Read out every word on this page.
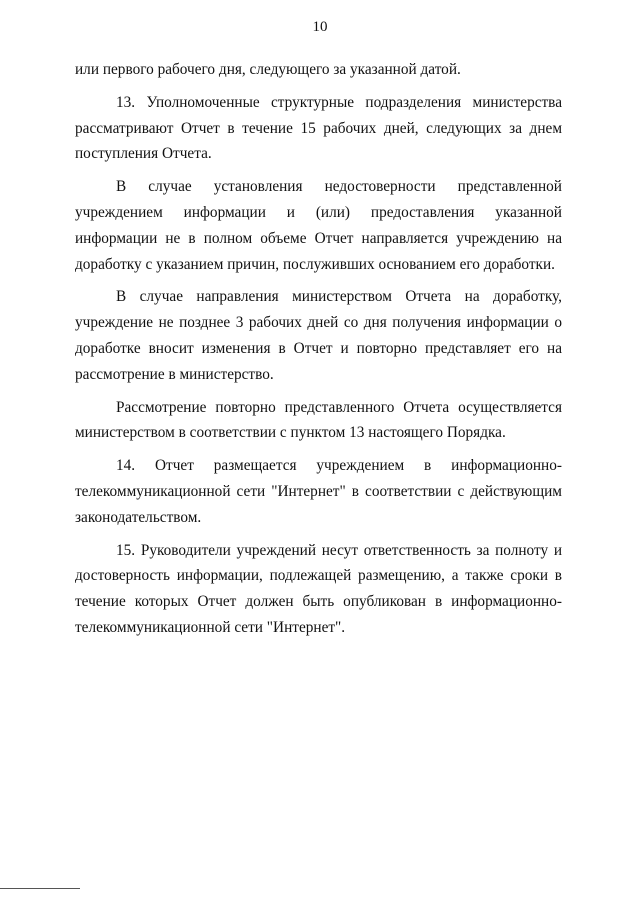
10

или первого рабочего дня, следующего за указанной датой.

13. Уполномоченные структурные подразделения министерства рассматривают Отчет в течение 15 рабочих дней, следующих за днем поступления Отчета.

В случае установления недостоверности представленной учреждением информации и (или) предоставления указанной информации не в полном объеме Отчет направляется учреждению на доработку с указанием причин, послуживших основанием его доработки.

В случае направления министерством Отчета на доработку, учреждение не позднее 3 рабочих дней со дня получения информации о доработке вносит изменения в Отчет и повторно представляет его на рассмотрение в министерство.

Рассмотрение повторно представленного Отчета осуществляется министерством в соответствии с пунктом 13 настоящего Порядка.

14. Отчет размещается учреждением в информационно-телекоммуникационной сети "Интернет" в соответствии с действующим законодательством.

15. Руководители учреждений несут ответственность за полноту и достоверность информации, подлежащей размещению, а также сроки в течение которых Отчет должен быть опубликован в информационно-телекоммуникационной сети "Интернет".
